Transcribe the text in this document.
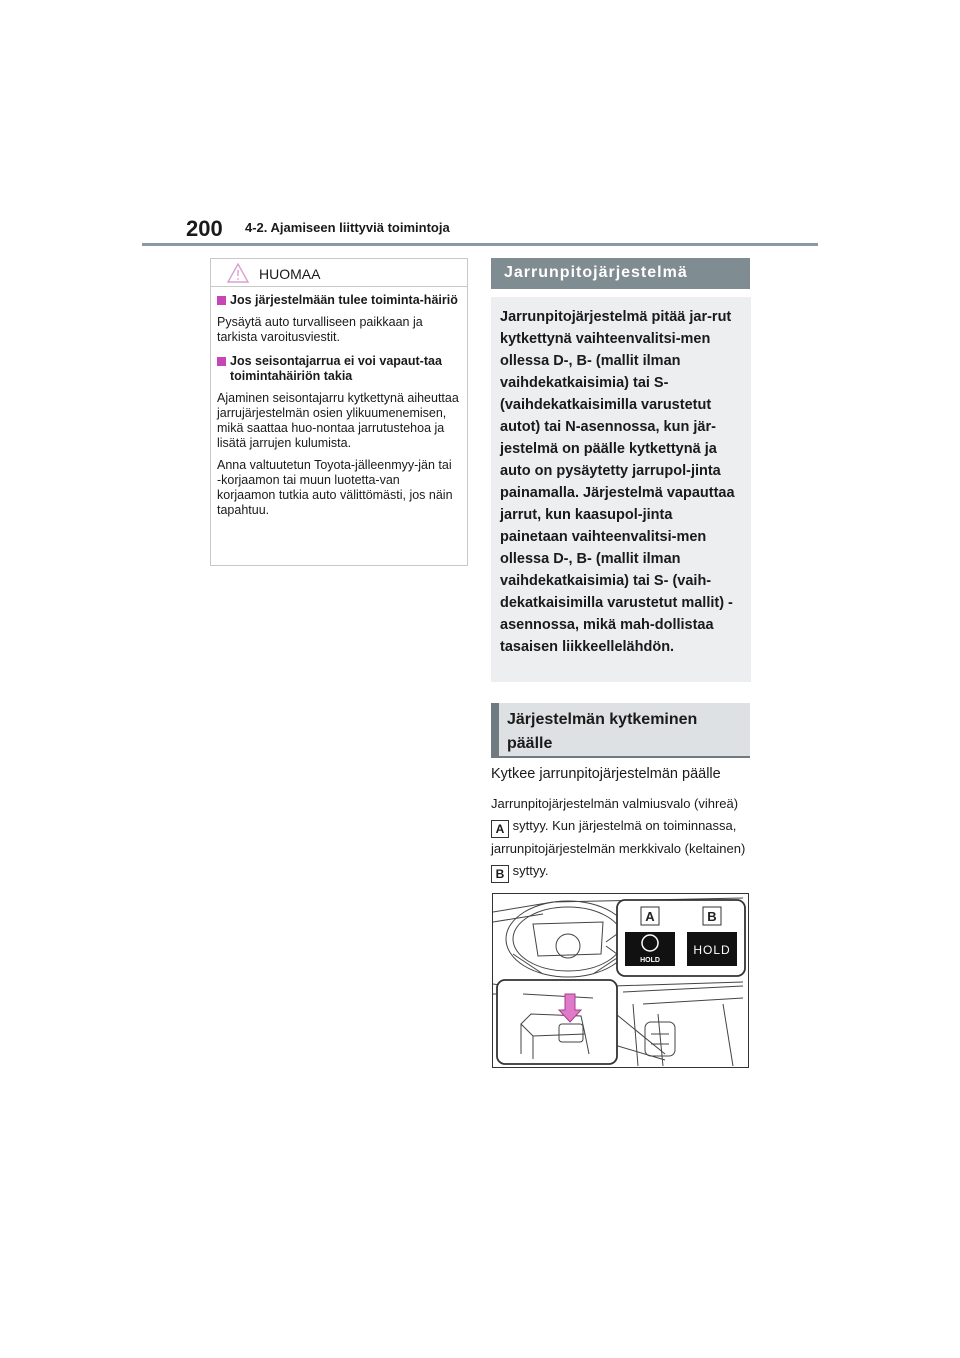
200 4-2. Ajamiseen liittyviä toimintoja
HUOMAA
Jos järjestelmään tulee toiminta-häiriö
Pysäytä auto turvalliseen paikkaan ja tarkista varoitusviestit.
Jos seisontajarrua ei voi vapaut-taa toimintahäiriön takia
Ajaminen seisontajarru kytkettynä aiheuttaa jarrujärjestelmän osien ylikuumenemisen, mikä saattaa huo-nontaa jarrutustehoa ja lisätä jarrujen kulumista.
Anna valtuutetun Toyota-jälleenmyy-jän tai -korjaamon tai muun luotetta-van korjaamon tutkia auto välittömästi, jos näin tapahtuu.
Jarrunpitojärjestelmä
Jarrunpitojärjestelmä pitää jar-rut kytkettynä vaihteenvalitsi-men ollessa D-, B- (mallit ilman vaihdekatkaisimia) tai S- (vaihdekatkaisimilla varustetut autot) tai N-asennossa, kun jär-jestelmä on päälle kytkettynä ja auto on pysäytetty jarrupol-jinta painamalla. Järjestelmä vapauttaa jarrut, kun kaasupol-jinta painetaan vaihteenvalitsi-men ollessa D-, B- (mallit ilman vaihdekatkaisimia) tai S- (vaih-dekatkaisimilla varustetut mallit) -asennossa, mikä mah-dollistaa tasaisen liikkeellelähdön.
Järjestelmän kytkeminen päälle
Kytkee jarrunpitojärjestelmän päälle
Jarrunpitojärjestelmän valmiusvalo (vihreä) A syttyy. Kun järjestelmä on toiminnassa, jarrunpitojärjestelmän merkkivalo (keltainen) B syttyy.
A	B
HOLD
HOLD
